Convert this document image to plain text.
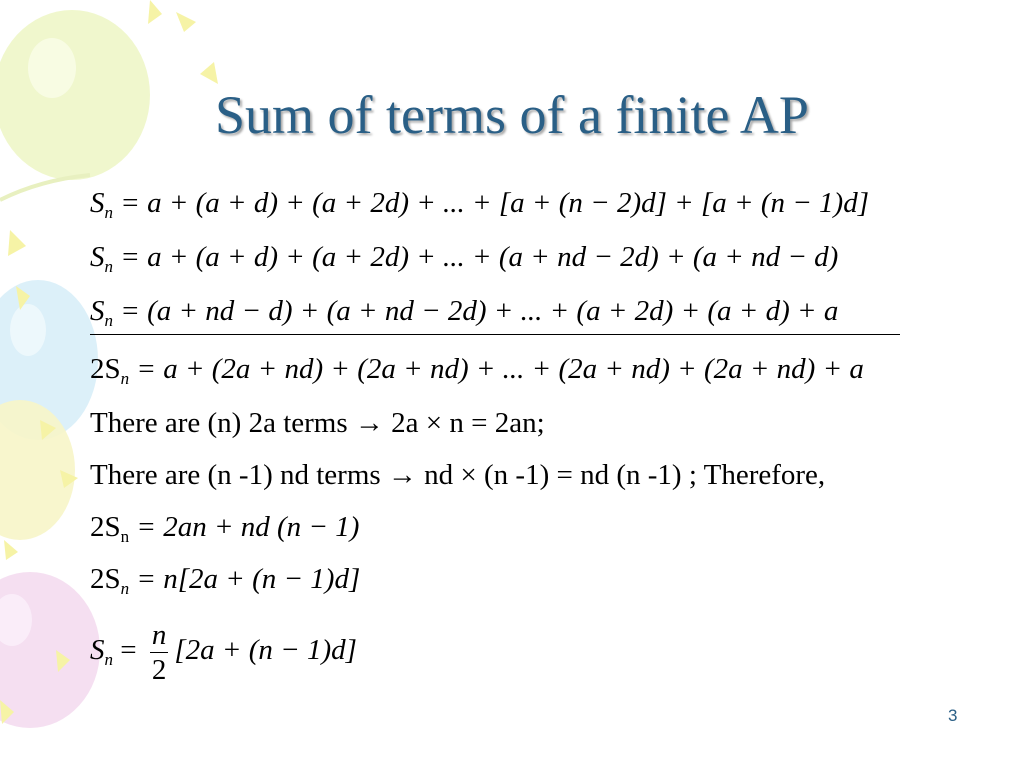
Sum of terms of a finite AP
$S_n = a + (a + d) + (a + 2d)$ + ... + [a + (n − 2)d] + [a + (n − 1)d]
$S_n = a + (a + d) + (a + 2d)$ + ... + (a + nd − 2d) + (a + nd − d)
$S_n = (a$ + nd − d) + (a + nd − 2d) + ... + (a + 2d) + (a + d) + a
$2S_n = a + (2a + nd) + (2a + nd)$ + ... + (2a + nd) + (2a + nd) + a
There are (n) 2a terms → 2a × n = 2an;
There are (n -1) nd terms → nd × (n -1) = nd (n -1) ; Therefore,
$2S_n = 2an$ + nd (n − 1)
$2S_n = n[2a + (n - 1)d]$
$S_n = \frac{n}{2} [2a + (n - 1)d]$
3
